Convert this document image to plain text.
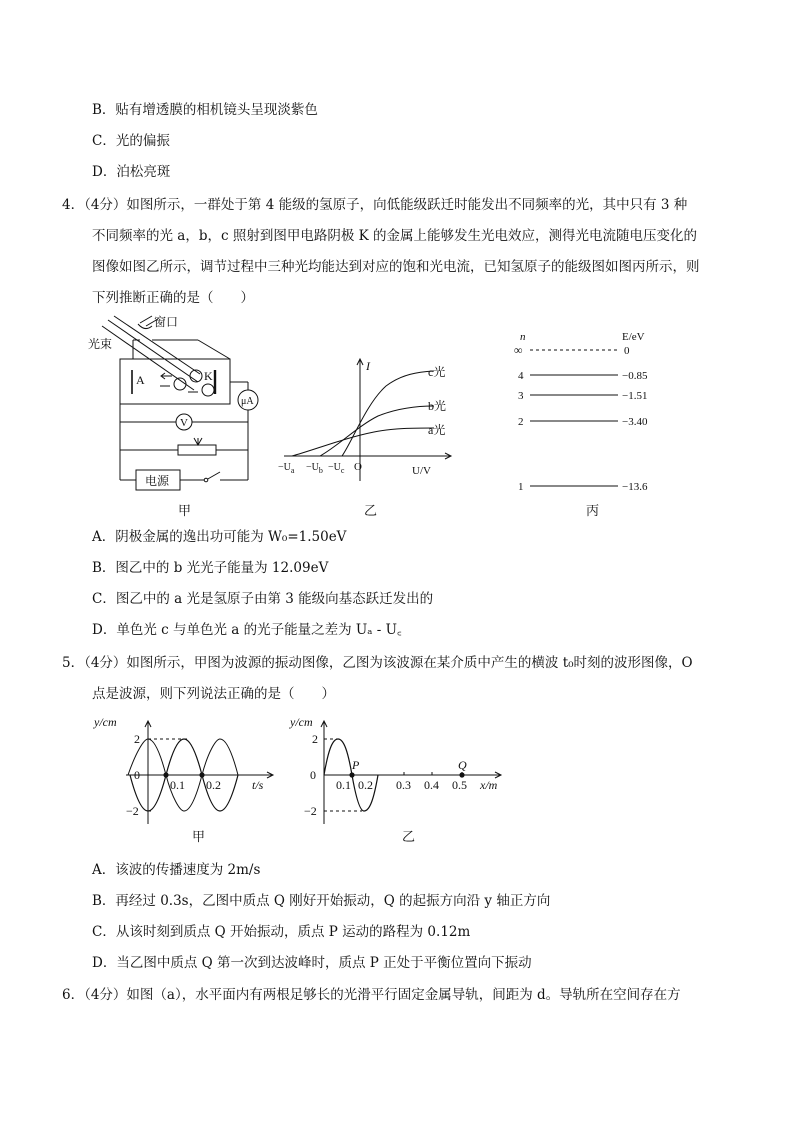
B．贴有增透膜的相机镜头呈现淡紫色
C．光的偏振
D．泊松亮斑
4．（4分）如图所示，一群处于第 4 能级的氢原子，向低能级跃迁时能发出不同频率的光，其中只有 3 种
不同频率的光 a，b，c 照射到图甲电路阴极 K 的金属上能够发生光电效应，测得光电流随电压变化的
图像如图乙所示，调节过程中三种光均能达到对应的饱和光电流，已知氢原子的能级图如图丙所示，则
下列推断正确的是（　　）
窗口
光束
A	K
V
μA
电源
甲
I
U/V
O
c光
b光
a光
$-U_a -U_b -U_c$
乙
n	E/eV
∞	0
4	−0.85
3	−1.51
2	−3.40
1	−13.6
丙
A．阴极金属的逸出功可能为 W₀=1.50eV
B．图乙中的 b 光光子能量为 12.09eV
C．图乙中的 a 光是氢原子由第 3 能级向基态跃迁发出的
D．单色光 c 与单色光 a 的光子能量之差为 Uₐ - U꜀
5．（4分）如图所示，甲图为波源的振动图像，乙图为该波源在某介质中产生的横波 t₀时刻的波形图像，O
点是波源，则下列说法正确的是（　　）
y/cm
2
−2
0
0.1 0.2	t/s
甲
y/cm
2
−2
0
P	Q
0.1 0.2 0.3 0.4 0.5 x/m
乙
A．该波的传播速度为 2m/s
B．再经过 0.3s，乙图中质点 Q 刚好开始振动，Q 的起振方向沿 y 轴正方向
C．从该时刻到质点 Q 开始振动，质点 P 运动的路程为 0.12m
D．当乙图中质点 Q 第一次到达波峰时，质点 P 正处于平衡位置向下振动
6．（4分）如图（a），水平面内有两根足够长的光滑平行固定金属导轨，间距为 d。导轨所在空间存在方
